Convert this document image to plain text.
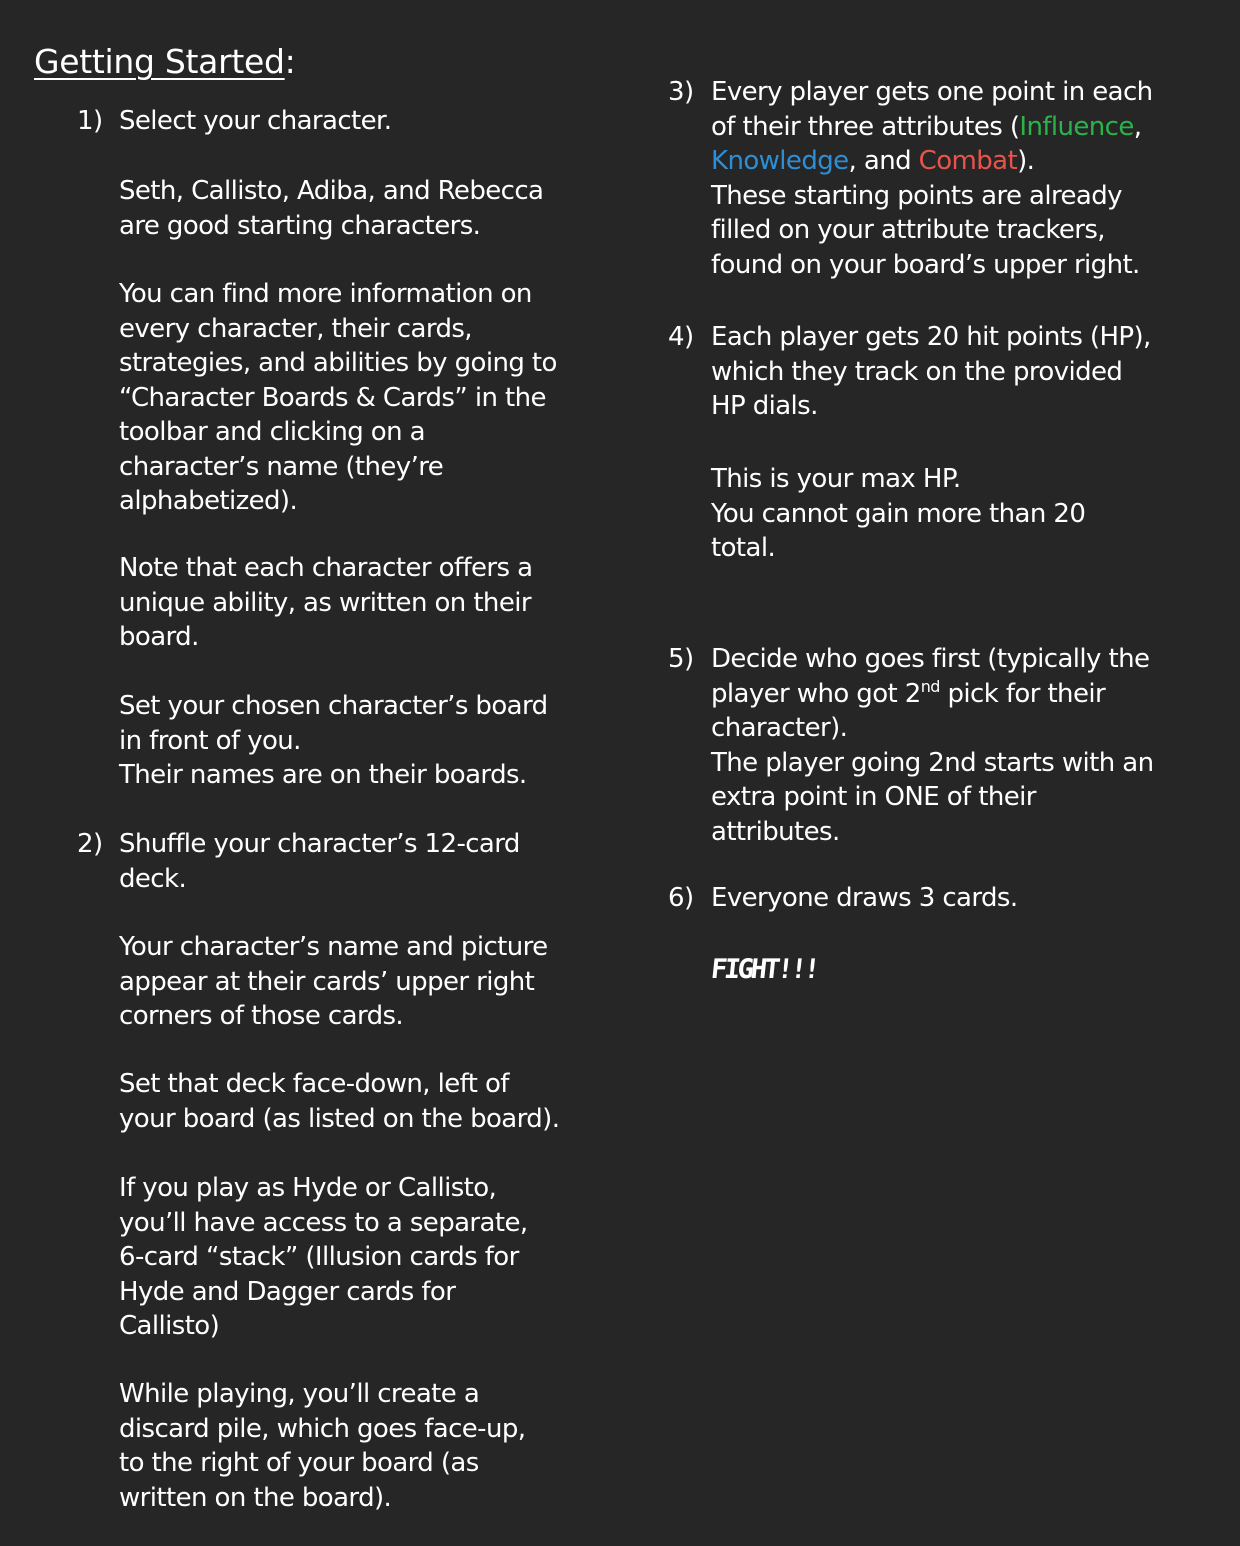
Getting Started:
1) Select your character.
Seth, Callisto, Adiba, and Rebecca
are good starting characters.
You can find more information on
every character, their cards,
strategies, and abilities by going to
“Character Boards & Cards” in the
toolbar and clicking on a
character’s name (they’re
alphabetized).
Note that each character offers a
unique ability, as written on their
board.
Set your chosen character’s board
in front of you.
Their names are on their boards.
2) Shuffle your character’s 12-card
deck.
Your character’s name and picture
appear at their cards’ upper right
corners of those cards.
Set that deck face-down, left of
your board (as listed on the board).
If you play as Hyde or Callisto,
you’ll have access to a separate,
6-card “stack” (Illusion cards for
Hyde and Dagger cards for
Callisto)
While playing, you’ll create a
discard pile, which goes face-up,
to the right of your board (as
written on the board).
3) Every player gets one point in each
of their three attributes (Influence,
Knowledge, and Combat).
These starting points are already
filled on your attribute trackers,
found on your board’s upper right.
4) Each player gets 20 hit points (HP),
which they track on the provided
HP dials.
This is your max HP.
You cannot gain more than 20
total.
5) Decide who goes first (typically the
player who got 2nd pick for their
character).
The player going 2nd starts with an
extra point in ONE of their
attributes.
6) Everyone draws 3 cards.
FIGHT!!!
